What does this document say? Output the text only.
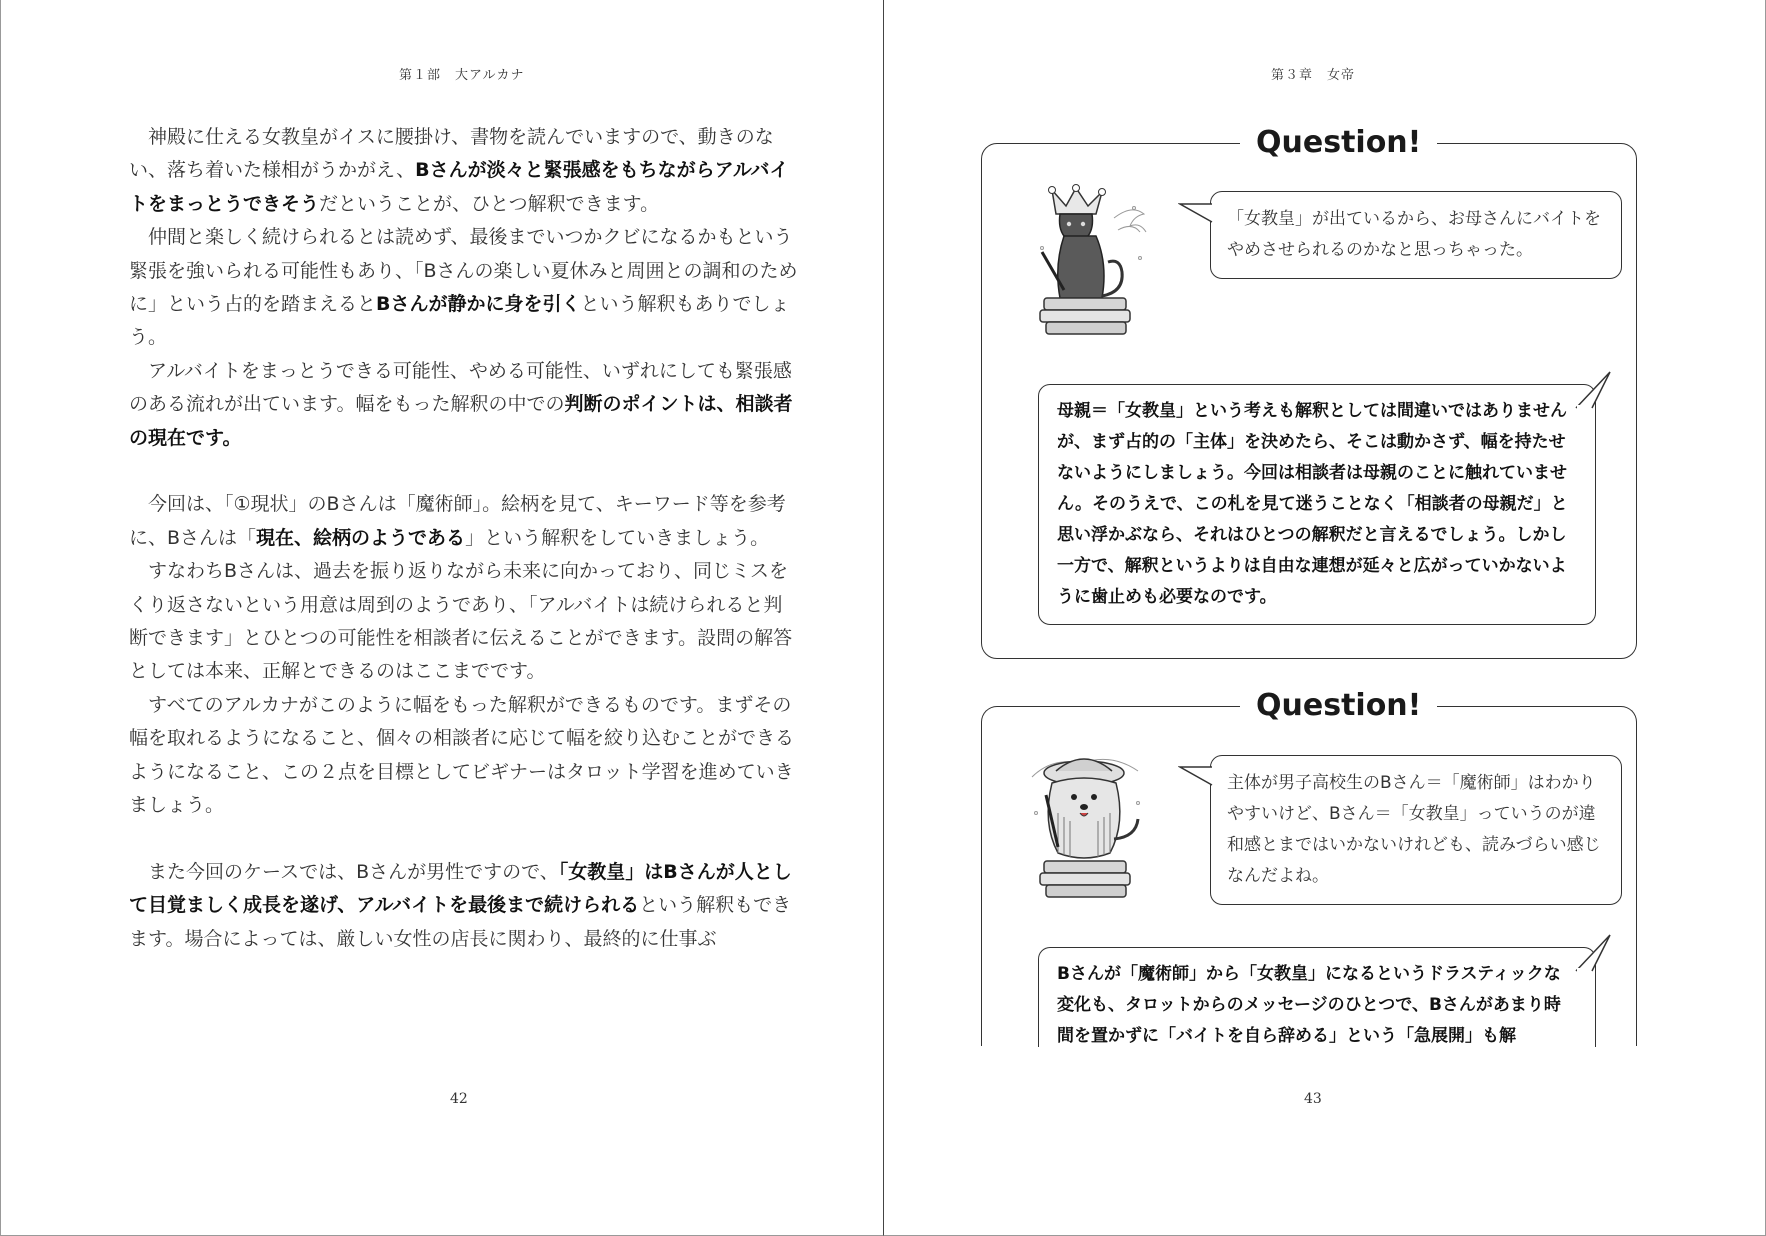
第１部　大アルカナ

　神殿に仕える女教皇がイスに腰掛け、書物を読んでいますので、動きのない、落ち着いた様相がうかがえ、Bさんが淡々と緊張感をもちながらアルバイトをまっとうできそうだということが、ひとつ解釈できます。

　仲間と楽しく続けられるとは読めず、最後までいつかクビになるかもという緊張を強いられる可能性もあり、「Bさんの楽しい夏休みと周囲との調和のために」という占的を踏まえるとBさんが静かに身を引くという解釈もありでしょう。

　アルバイトをまっとうできる可能性、やめる可能性、いずれにしても緊張感のある流れが出ています。幅をもった解釈の中での判断のポイントは、相談者の現在です。

　今回は、「①現状」のBさんは「魔術師」。絵柄を見て、キーワード等を参考に、Bさんは「現在、絵柄のようである」という解釈をしていきましょう。

　すなわちBさんは、過去を振り返りながら未来に向かっており、同じミスをくり返さないという用意は周到のようであり、「アルバイトは続けられると判断できます」とひとつの可能性を相談者に伝えることができます。設問の解答としては本来、正解とできるのはここまでです。

　すべてのアルカナがこのように幅をもった解釈ができるものです。まずその幅を取れるようになること、個々の相談者に応じて幅を絞り込むことができるようになること、この２点を目標としてビギナーはタロット学習を進めていきましょう。

　また今回のケースでは、Bさんが男性ですので、「女教皇」はBさんが人として目覚ましく成長を遂げ、アルバイトを最後まで続けられるという解釈もできます。場合によっては、厳しい女性の店長に関わり、最終的に仕事ぶ

42
第３章　女帝
Question!
「女教皇」が出ているから、お母さんにバイトをやめさせられるのかなと思っちゃった。
母親＝「女教皇」という考えも解釈としては間違いではありませんが、まず占的の「主体」を決めたら、そこは動かさず、幅を持たせないようにしましょう。今回は相談者は母親のことに触れていません。そのうえで、この札を見て迷うことなく「相談者の母親だ」と思い浮かぶなら、それはひとつの解釈だと言えるでしょう。しかし一方で、解釈というよりは自由な連想が延々と広がっていかないように歯止めも必要なのです。
Question!
主体が男子高校生のBさん＝「魔術師」はわかりやすいけど、Bさん＝「女教皇」っていうのが違和感とまではいかないけれども、読みづらい感じなんだよね。
Bさんが「魔術師」から「女教皇」になるというドラスティックな変化も、タロットからのメッセージのひとつで、Bさんがあまり時間を置かずに「バイトを自ら辞める」という「急展開」も解
43
